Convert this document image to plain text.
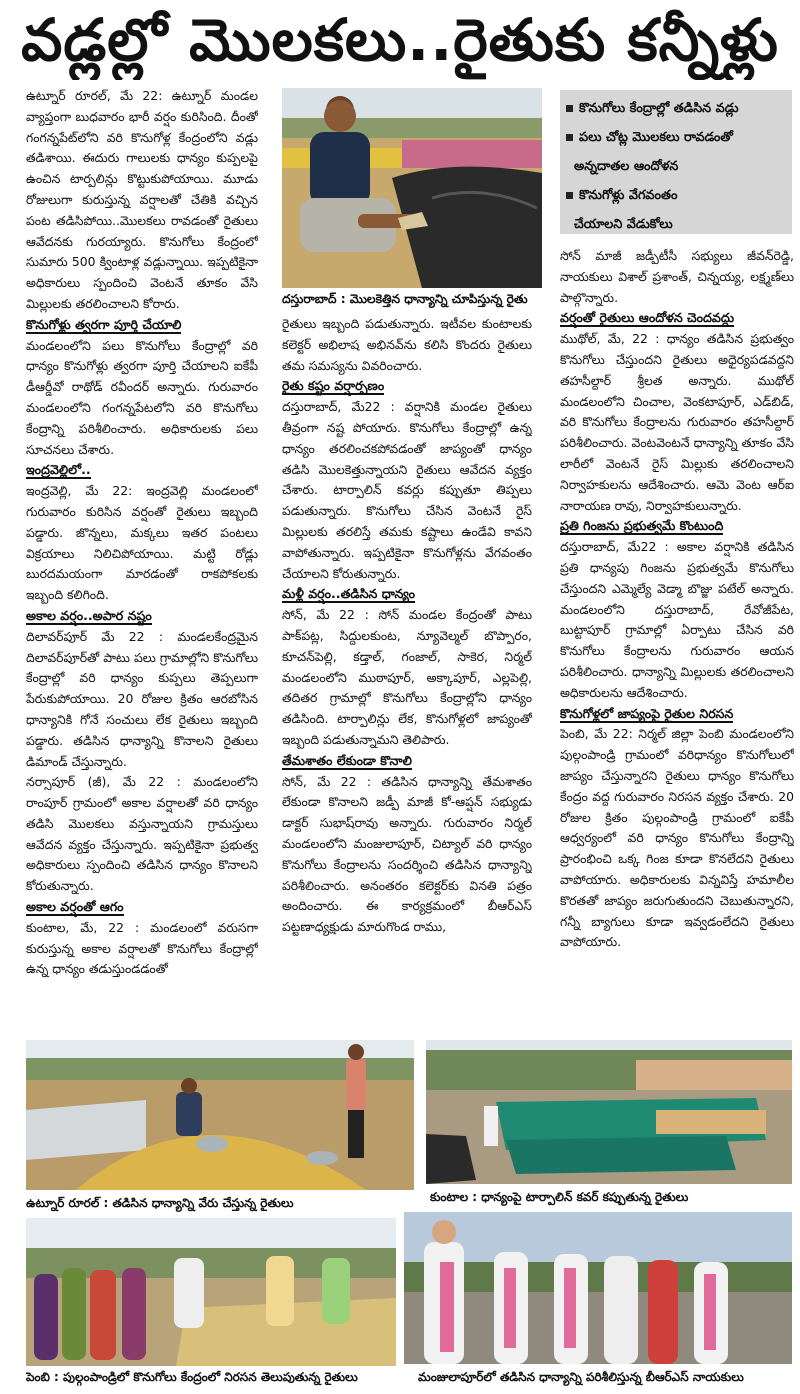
వడ్లల్లో మొలకలు..రైతుకు కన్నీళ్లు

ఉట్నూర్ రూరల్, మే 22: ఉట్నూర్ మండల వ్యాప్తంగా బుధవారం భారీ వర్షం కురిసింది. దీంతో గంగన్నపేట్‌లోని వరి కొనుగోళ్ల కేంద్రంలోని వడ్లు తడిశాయి. ఈదురు గాలులకు ధాన్యం కుప్పలపై ఉంచిన టార్పలిన్లు కొట్టుకుపోయాయి. మూడు రోజులుగా కురుస్తున్న వర్షాలతో చేతికి వచ్చిన పంట తడిసిపోయి..మొలకలు రావడంతో రైతులు ఆవేదనకు గురయ్యారు. కొనుగోలు కేంద్రంలో సుమారు 500 క్వింటాళ్ల వడ్లున్నాయి. ఇప్పటికైనా అధికారులు స్పందించి వెంటనే తూకం వేసి మిల్లులకు తరలించాలని కోరారు.

కొనుగోళ్లు త్వరగా పూర్తి చేయాలి

మండలంలోని పలు కొనుగోలు కేంద్రాల్లో వరి ధాన్యం కొనుగోళ్లు త్వరగా పూర్తి చేయాలని ఐకేపీ డీఆర్డీవో రాథోడ్ రవీందర్ అన్నారు. గురువారం మండలంలోని గంగన్నపేటలోని వరి కొనుగోలు కేంద్రాన్ని పరిశీలించారు. అధికారులకు పలు సూచనలు చేశారు.

ఇంద్రవెల్లిలో..

ఇంద్రవెల్లి, మే 22: ఇంద్రవెల్లి మండలంలో గురువారం కురిసిన వర్షంతో రైతులు ఇబ్బంది పడ్డారు. జొన్నలు, మక్కలు ఇతర పంటలు విక్రయాలు నిలిచిపోయాయి. మట్టి రోడ్లు బురదమయంగా మారడంతో రాకపోకలకు ఇబ్బంది కలిగింది.

అకాల వర్షం..అపార నష్టం

దిలావర్‌పూర్ మే 22 : మండలకేంద్రమైన దిలావర్‌పూర్‌తో పాటు పలు గ్రామాల్లోని కొనుగోలు కేంద్రాల్లో వరి ధాన్యం కుప్పలు తెప్పలుగా పేరుకుపోయాయి. 20 రోజుల క్రితం ఆరబోసిన ధాన్యానికి గోనే సంచులు లేక రైతులు ఇబ్బంది పడ్డారు. తడిసిన ధాన్యాన్ని కొనాలని రైతులు డిమాండ్ చేస్తున్నారు.

నర్సాపూర్ (జీ), మే 22 : మండలంలోని రాంపూర్ గ్రామంలో అకాల వర్షాలతో వరి ధాన్యం తడిసి మొలకలు వస్తున్నాయని గ్రామస్తులు ఆవేదన వ్యక్తం చేస్తున్నారు. ఇప్పటికైనా ప్రభుత్వ అధికారులు స్పందించి తడిసిన ధాన్యం కొనాలని కోరుతున్నారు.

అకాల వర్షంతో ఆగం

కుంటాల, మే, 22 : మండలంలో వరుసగా కురుస్తున్న అకాల వర్షాలతో కొనుగోలు కేంద్రాల్లో ఉన్న ధాన్యం తడుస్తుండడంతో

దస్తురాబాద్ : మొలకెత్తిన ధాన్యాన్ని చూపిస్తున్న రైతు

రైతులు ఇబ్బంది పడుతున్నారు. ఇటీవల కుంటాలకు కలెక్టర్ అభిలాష అభినవ్‌ను కలిసి కొందరు రైతులు తమ సమస్యను వివరించారు.

రైతు కష్టం వర్షార్పణం

దస్తురాబాద్, మే22 : వర్షానికి మండల రైతులు తీవ్రంగా నష్ట పోయారు. కొనుగోలు కేంద్రాల్లో ఉన్న ధాన్యం తరలించకపోవడంతో జాప్యంతో ధాన్యం తడిసి మొలకెత్తున్నాయని రైతులు ఆవేదన వ్యక్తం చేశారు. టార్పాలిన్ కవర్లు కప్పుతూ తిప్పలు పడుతున్నారు. కొనుగోలు చేసిన వెంటనే రైస్ మిల్లులకు తరలిస్తే తమకు కష్టాలు ఉండేవి కావని వాపోతున్నారు. ఇప్పటికైనా కొనుగోళ్లను వేగవంతం చేయాలని కోరుతున్నారు.

మళ్లీ వర్షం..తడిసిన ధాన్యం

సోన్, మే 22 : సోన్ మండల కేంద్రంతో పాటు పాక్‌పట్ల, సిద్దులకుంట, న్యూవెల్మల్ బొప్పారం, కూచన్‌పెల్లి, కడ్తాల్, గంజాల్, సాకెర, నిర్మల్ మండలంలోని ముఠాపూర్, అక్కాపూర్, ఎల్లపెల్లి, తదితర గ్రామాల్లో కొనుగోలు కేంద్రాల్లోని ధాన్యం తడిసింది. టార్పాలిన్లు లేక, కొనుగోళ్లలో జాప్యంతో ఇబ్బంది పడుతున్నామని తెలిపారు.

తేమశాతం లేకుండా కొనాలి

సోన్, మే 22 : తడిసిన ధాన్యాన్ని తేమశాతం లేకుండా కొనాలని జడ్పీ మాజీ కో-ఆప్షన్ సభ్యుడు డాక్టర్ సుభాష్‌రావు అన్నారు. గురువారం నిర్మల్ మండలంలోని మంజులాపూర్, చిట్యాల్ వరి ధాన్యం కొనుగోలు కేంద్రాలను సందర్శించి తడిసిన ధాన్యాన్ని పరిశీలించారు. అనంతరం కలెక్టర్‌కు వినతి పత్రం అందించారు. ఈ కార్యక్రమంలో బీఆర్ఎస్ పట్టణాధ్యక్షుడు మారుగొండ రాము,

కొనుగోలు కేంద్రాల్లో తడిసిన వడ్లు
పలు చోట్ల మొలకలు రావడంతో
అన్నదాతల ఆందోళన
కొనుగోళ్లు వేగవంతం
చేయాలని వేడుకోలు

సోన్ మాజీ జడ్పీటీసీ సభ్యులు జీవన్‌రెడ్డి, నాయకులు విశాల్ ప్రశాంత్, చిన్నయ్య, లక్ష్మణ్‌లు పాల్గొన్నారు.

వర్షంతో రైతులు ఆందోళన చెందవద్దు

ముథోల్, మే, 22 : ధాన్యం తడిసిన ప్రభుత్వం కొనుగోలు చేస్తుందని రైతులు అధైర్యపడవద్దని తహసీల్దార్ శ్రీలత అన్నారు. ముథోల్ మండలంలోని చించాల, వెంకటాపూర్, ఎడ్‌బిడ్, వరి కొనుగోలు కేంద్రాలను గురువారం తహసీల్దార్ పరిశీలించారు. వెంటవెంటనే ధాన్యాన్ని తూకం వేసి లారీలో వెంటనే రైస్ మిల్లుకు తరలించాలని నిర్వాహకులను ఆదేశించారు. ఆమె వెంట ఆర్ఐ నారాయణ రావు, నిర్వాహకులున్నారు.

ప్రతి గింజను ప్రభుత్వమే కొంటుంది

దస్తురాబాద్, మే22 : అకాల వర్షానికి తడిసిన ప్రతి ధాన్యపు గింజను ప్రభుత్వమే కొనుగోలు చేస్తుందని ఎమ్మెల్యే వెడ్మా బొజ్జు పటేల్ అన్నారు. మండలంలోని దస్తురాబాద్, రేవోజీపేట, బుట్టాపూర్ గ్రామాల్లో ఏర్పాటు చేసిన వరి కొనుగోలు కేంద్రాలను గురువారం ఆయన పరిశీలించారు. ధాన్యాన్ని మిల్లులకు తరలించాలని అధికారులను ఆదేశించారు.

కొనుగోళ్లలో జాప్యంపై రైతుల నిరసన

పెంబి, మే 22: నిర్మల్ జిల్లా పెంబి మండలంలోని పుల్గంపాండ్రి గ్రామంలో వరిధాన్యం కొనుగోలులో జాప్యం చేస్తున్నారని రైతులు ధాన్యం కొనుగోలు కేంద్రం వద్ద గురువారం నిరసన వ్యక్తం చేశారు. 20 రోజుల క్రితం పుల్గంపాండ్రి గ్రామంలో ఐకేపీ ఆధ్వర్యంలో వరి ధాన్యం కొనుగోలు కేంద్రాన్ని ప్రారంభించి ఒక్క గింజ కూడా కొనలేదని రైతులు వాపోయారు. అధికారులకు విన్నవిస్తే హమాలీల కొరతతో జాప్యం జరుగుతుందని చెబుతున్నారని, గన్నీ బ్యాగులు కూడా ఇవ్వడంలేదని రైతులు వాపోయారు.

ఉట్నూర్ రూరల్ : తడిసిన ధాన్యాన్ని వేరు చేస్తున్న రైతులు	కుంటాల : ధాన్యంపై టార్పాలిన్ కవర్ కప్పుతున్న రైతులు
పెంబి : పుల్గంపాండ్రిలో కొనుగోలు కేంద్రంలో నిరసన తెలుపుతున్న రైతులు	మంజులాపూర్‌లో తడిసిన ధాన్యాన్ని పరిశీలిస్తున్న బీఆర్ఎస్ నాయకులు
